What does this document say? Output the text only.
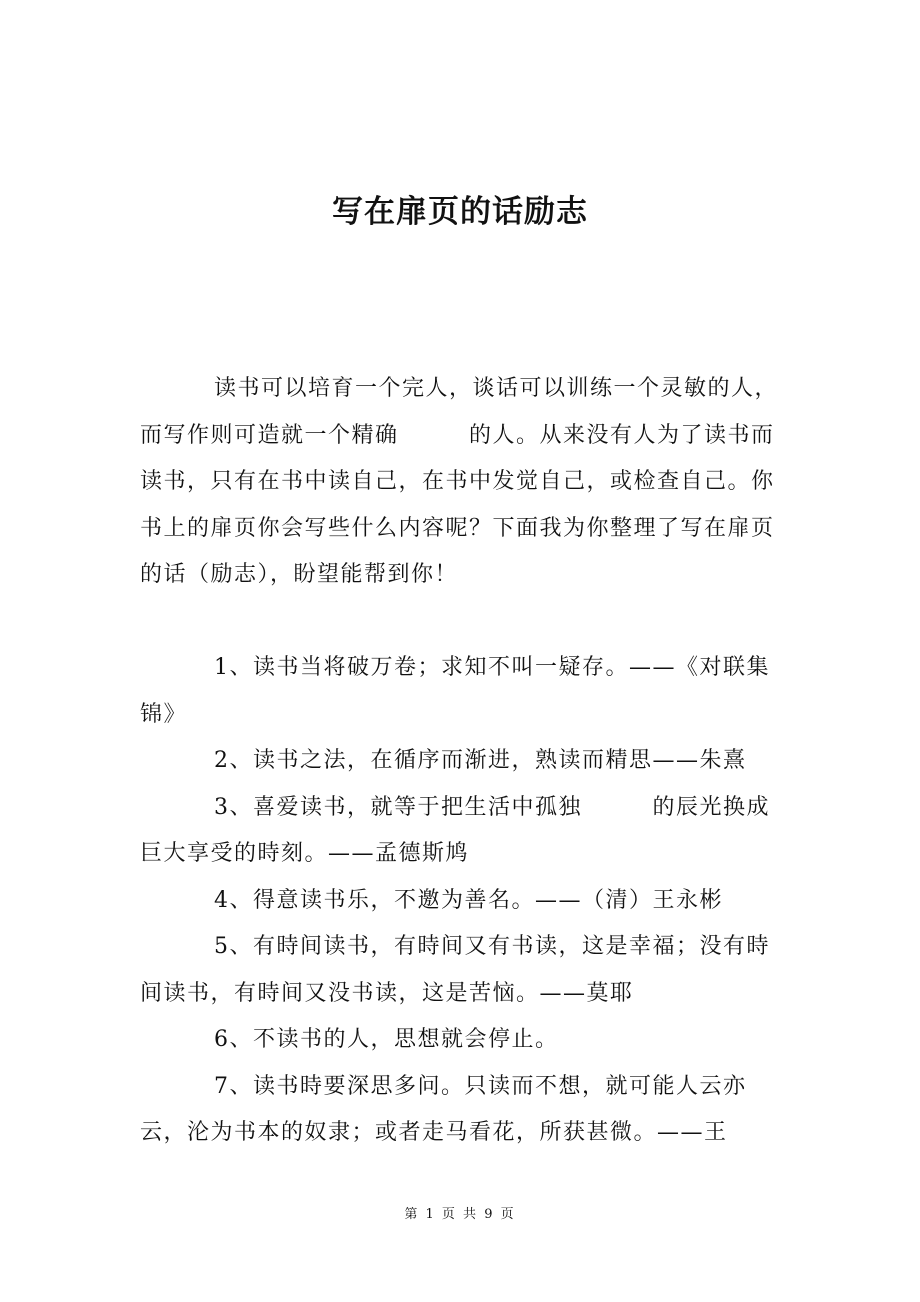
写在扉页的话励志

读书可以培育一个完人，谈话可以训练一个灵敏的人，而写作则可造就一个精确　　　的人。从来没有人为了读书而读书，只有在书中读自己，在书中发觉自己，或检查自己。你书上的扉页你会写些什么内容呢？下面我为你整理了写在扉页的话（励志），盼望能帮到你！

1、读书当将破万卷；求知不叫一疑存。——《对联集锦》

2、读书之法，在循序而渐进，熟读而精思——朱熹

3、喜爱读书，就等于把生活中孤独　　　的辰光换成巨大享受的時刻。——孟德斯鸠

4、得意读书乐，不邀为善名。——（清）王永彬

5、有時间读书，有時间又有书读，这是幸福；没有時间读书，有時间又没书读，这是苦恼。——莫耶

6、不读书的人，思想就会停止。

7、读书時要深思多问。只读而不想，就可能人云亦云，沦为书本的奴隶；或者走马看花，所获甚微。——王

第 1 页 共 9 页
